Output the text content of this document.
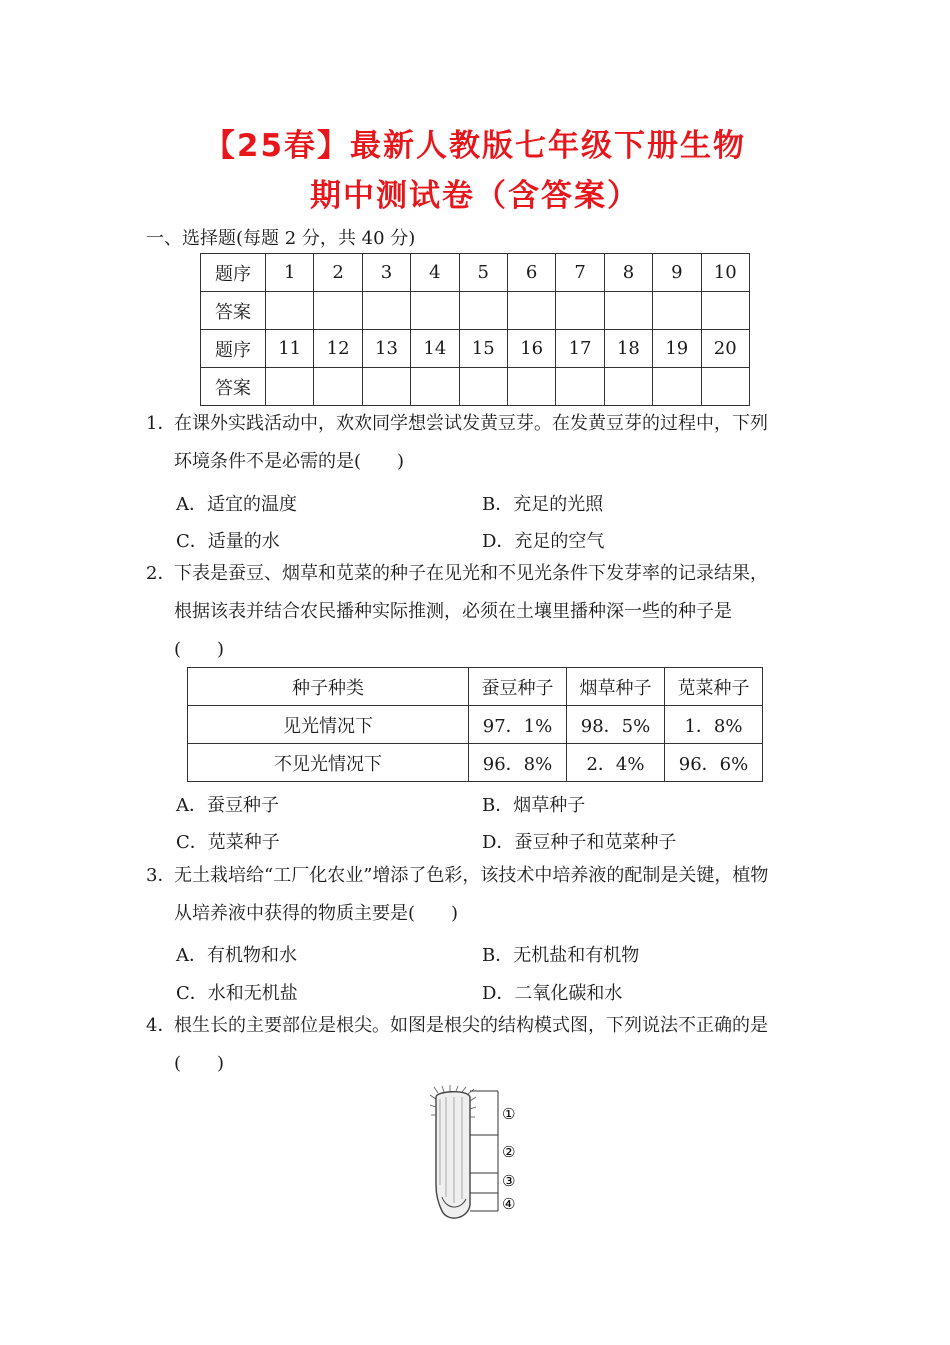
【25春】最新人教版七年级下册生物
期中测试卷（含答案）
一、选择题(每题 2 分，共 40 分)
题序	1	2	3	4	5	6	7	8	9	10
答案										
题序	11	12	13	14	15	16	17	18	19	20
答案										
1．
在课外实践活动中，欢欢同学想尝试发黄豆芽。在发黄豆芽的过程中，下列
环境条件不是必需的是(　　)
A．适宜的温度	B．充足的光照
C．适量的水	D．充足的空气
2．
下表是蚕豆、烟草和苋菜的种子在见光和不见光条件下发芽率的记录结果，
根据该表并结合农民播种实际推测，必须在土壤里播种深一些的种子是
(　　)
种子种类	蚕豆种子	烟草种子	苋菜种子
见光情况下	97．1%	98．5%	1．8%
不见光情况下	96．8%	2．4%	96．6%
A．蚕豆种子	B．烟草种子
C．苋菜种子	D．蚕豆种子和苋菜种子
3．
无土栽培给“工厂化农业”增添了色彩，该技术中培养液的配制是关键，植物
从培养液中获得的物质主要是(　　)
A．有机物和水	B．无机盐和有机物
C．水和无机盐	D．二氧化碳和水
4．
根生长的主要部位是根尖。如图是根尖的结构模式图，下列说法不正确的是
(　　)
①
②
③
④
